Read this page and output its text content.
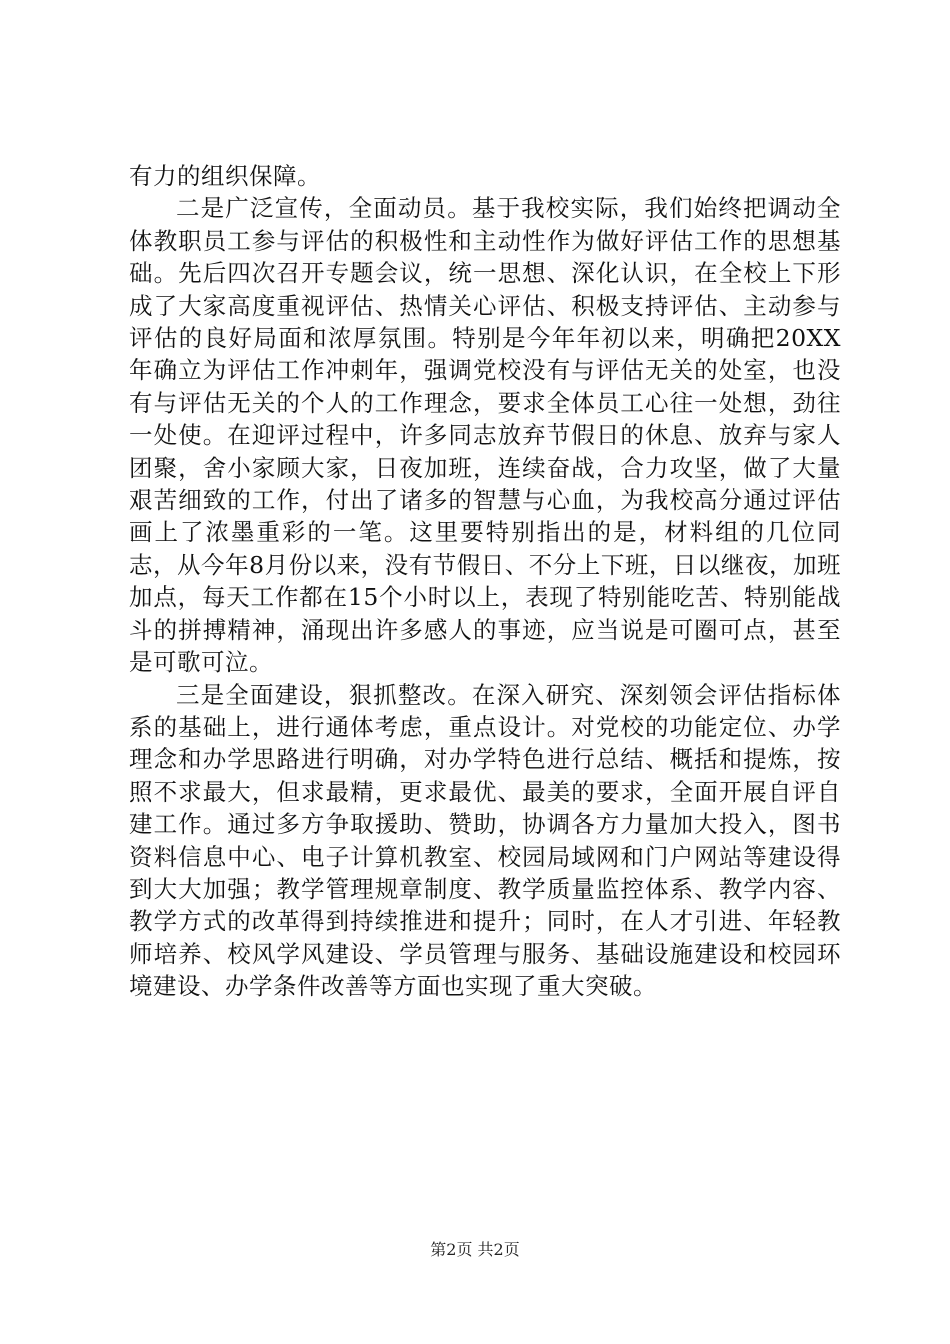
有力的组织保障。

二是广泛宣传，全面动员。基于我校实际，我们始终把调动全体教职员工参与评估的积极性和主动性作为做好评估工作的思想基础。先后四次召开专题会议，统一思想、深化认识，在全校上下形成了大家高度重视评估、热情关心评估、积极支持评估、主动参与评估的良好局面和浓厚氛围。特别是今年年初以来，明确把20XX年确立为评估工作冲刺年，强调党校没有与评估无关的处室，也没有与评估无关的个人的工作理念，要求全体员工心往一处想，劲往一处使。在迎评过程中，许多同志放弃节假日的休息、放弃与家人团聚，舍小家顾大家，日夜加班，连续奋战，合力攻坚，做了大量艰苦细致的工作，付出了诸多的智慧与心血，为我校高分通过评估画上了浓墨重彩的一笔。这里要特别指出的是，材料组的几位同志，从今年8月份以来，没有节假日、不分上下班，日以继夜，加班加点，每天工作都在15个小时以上，表现了特别能吃苦、特别能战斗的拼搏精神，涌现出许多感人的事迹，应当说是可圈可点，甚至是可歌可泣。

三是全面建设，狠抓整改。在深入研究、深刻领会评估指标体系的基础上，进行通体考虑，重点设计。对党校的功能定位、办学理念和办学思路进行明确，对办学特色进行总结、概括和提炼，按照不求最大，但求最精，更求最优、最美的要求，全面开展自评自建工作。通过多方争取援助、赞助，协调各方力量加大投入，图书资料信息中心、电子计算机教室、校园局域网和门户网站等建设得到大大加强；教学管理规章制度、教学质量监控体系、教学内容、教学方式的改革得到持续推进和提升；同时，在人才引进、年轻教师培养、校风学风建设、学员管理与服务、基础设施建设和校园环境建设、办学条件改善等方面也实现了重大突破。

第2页 共2页
